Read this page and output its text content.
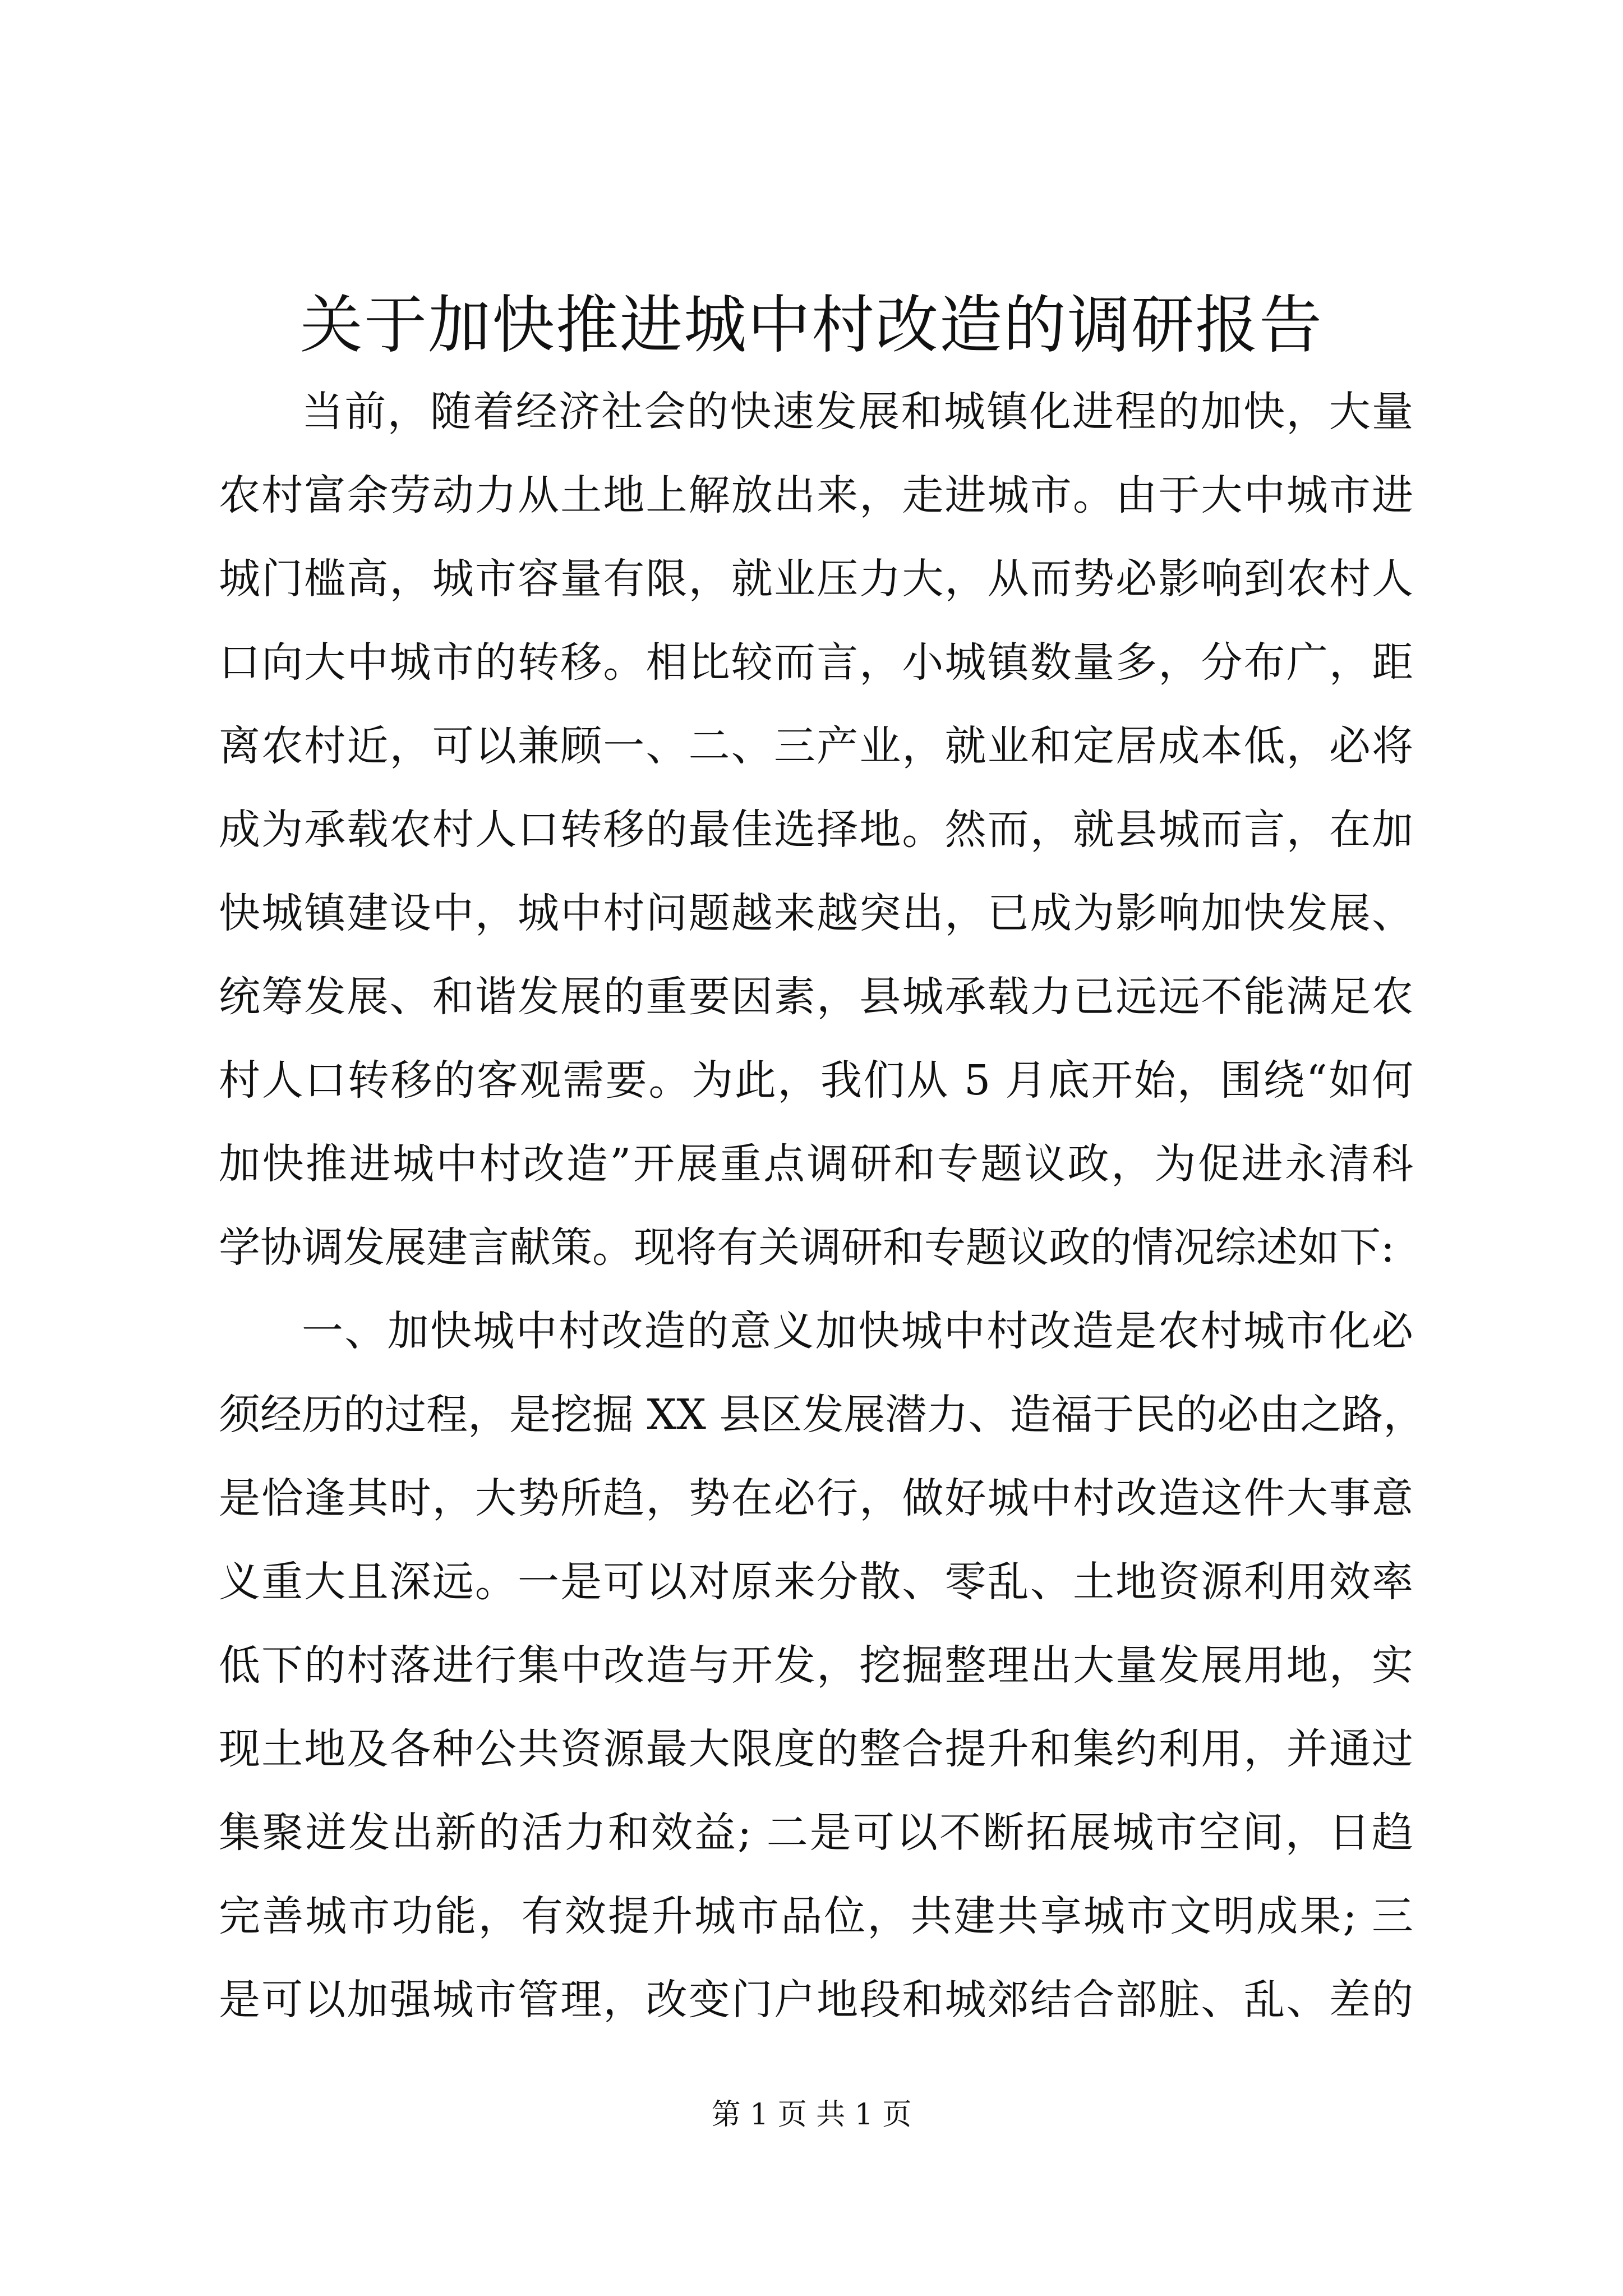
关于加快推进城中村改造的调研报告
当前，随着经济社会的快速发展和城镇化进程的加快，大量
农村富余劳动力从土地上解放出来，走进城市。由于大中城市进
城门槛高，城市容量有限，就业压力大，从而势必影响到农村人
口向大中城市的转移。相比较而言，小城镇数量多，分布广，距
离农村近，可以兼顾一、二、三产业，就业和定居成本低，必将
成为承载农村人口转移的最佳选择地。然而，就县城而言，在加
快城镇建设中，城中村问题越来越突出，已成为影响加快发展、
统筹发展、和谐发展的重要因素，县城承载力已远远不能满足农
村人口转移的客观需要。为此，我们从 5 月底开始，围绕“如何
加快推进城中村改造”开展重点调研和专题议政，为促进永清科
学协调发展建言献策。现将有关调研和专题议政的情况综述如下:
一、加快城中村改造的意义加快城中村改造是农村城市化必
须经历的过程，是挖掘 XX 县区发展潜力、造福于民的必由之路，
是恰逢其时，大势所趋，势在必行，做好城中村改造这件大事意
义重大且深远。一是可以对原来分散、零乱、土地资源利用效率
低下的村落进行集中改造与开发，挖掘整理出大量发展用地，实
现土地及各种公共资源最大限度的整合提升和集约利用，并通过
集聚迸发出新的活力和效益; 二是可以不断拓展城市空间，日趋
完善城市功能，有效提升城市品位，共建共享城市文明成果; 三
是可以加强城市管理，改变门户地段和城郊结合部脏、乱、差的
第 1 页 共 1 页
